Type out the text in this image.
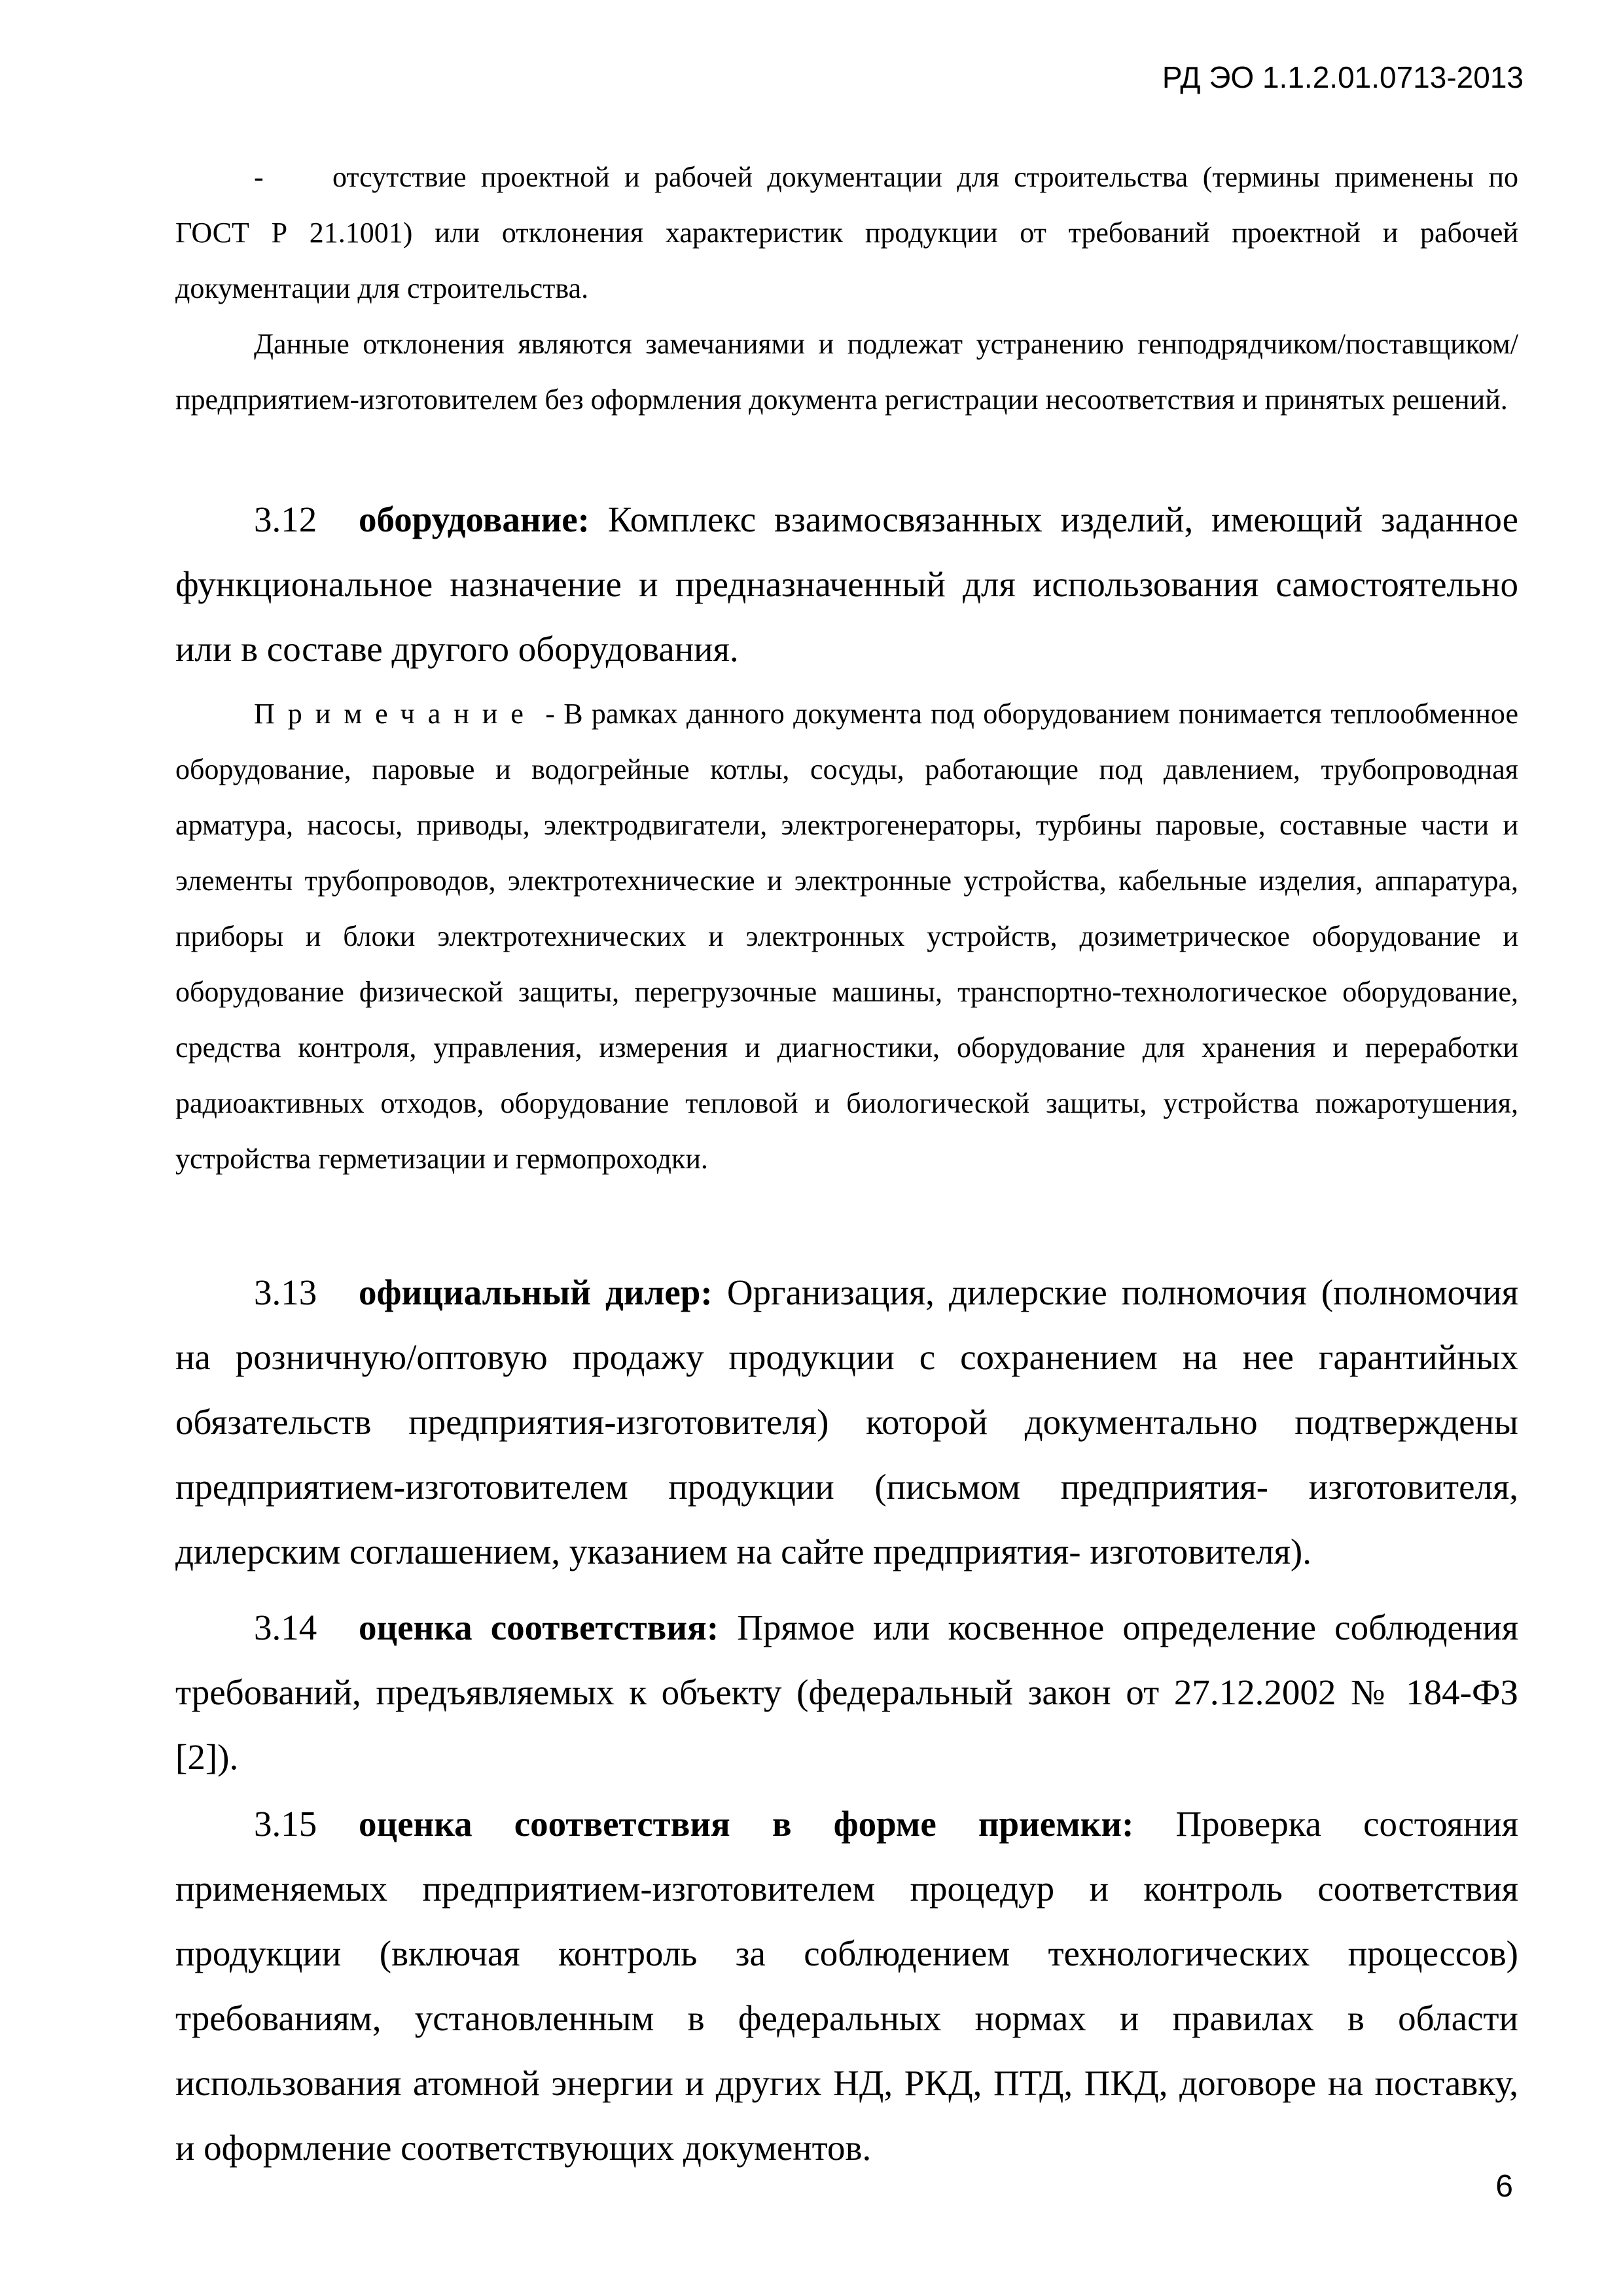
РД ЭО 1.1.2.01.0713-2013

- отсутствие проектной и рабочей документации для строительства (термины применены по ГОСТ Р 21.1001) или отклонения характеристик продукции от требований проектной и рабочей документации для строительства.

Данные отклонения являются замечаниями и подлежат устранению генподрядчиком/поставщиком/предприятием-изготовителем без оформления документа регистрации несоответствия и принятых решений.

3.12 оборудование: Комплекс взаимосвязанных изделий, имеющий заданное функциональное назначение и предназначенный для использования самостоятельно или в составе другого оборудования.

Примечание - В рамках данного документа под оборудованием понимается теплообменное оборудование, паровые и водогрейные котлы, сосуды, работающие под давлением, трубопроводная арматура, насосы, приводы, электродвигатели, электрогенераторы, турбины паровые, составные части и элементы трубопроводов, электротехнические и электронные устройства, кабельные изделия, аппаратура, приборы и блоки электротехнических и электронных устройств, дозиметрическое оборудование и оборудование физической защиты, перегрузочные машины, транспортно-технологическое оборудование, средства контроля, управления, измерения и диагностики, оборудование для хранения и переработки радиоактивных отходов, оборудование тепловой и биологической защиты, устройства пожаротушения, устройства герметизации и гермопроходки.

3.13 официальный дилер: Организация, дилерские полномочия (полномочия на розничную/оптовую продажу продукции с сохранением на нее гарантийных обязательств предприятия-изготовителя) которой документально подтверждены предприятием-изготовителем продукции (письмом предприятия- изготовителя, дилерским соглашением, указанием на сайте предприятия- изготовителя).

3.14 оценка соответствия: Прямое или косвенное определение соблюдения требований, предъявляемых к объекту (федеральный закон от 27.12.2002 № 184-ФЗ [2]).

3.15 оценка соответствия в форме приемки: Проверка состояния применяемых предприятием-изготовителем процедур и контроль соответствия продукции (включая контроль за соблюдением технологических процессов) требованиям, установленным в федеральных нормах и правилах в области использования атомной энергии и других НД, РКД, ПТД, ПКД, договоре на поставку, и оформление соответствующих документов.

6
